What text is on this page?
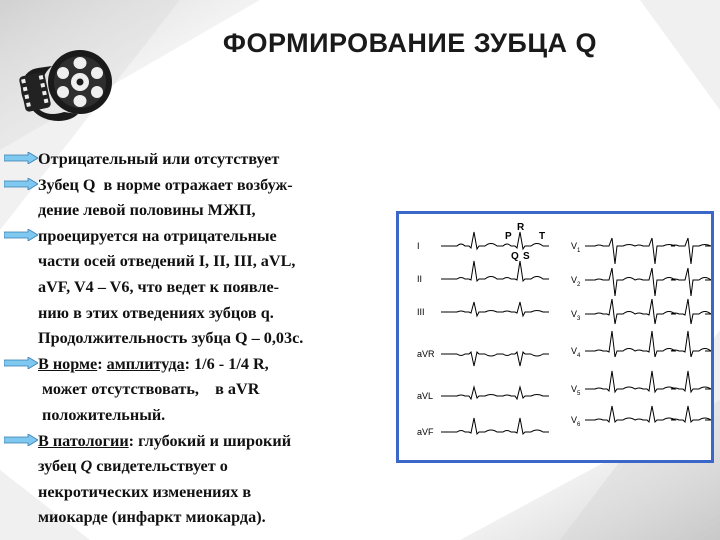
ФОРМИРОВАНИЕ ЗУБЦА Q
Отрицательный или отсутствует
Зубец Q  в норме отражает возбуж-
дение левой половины МЖП,
проецируется на отрицательные
части осей отведений I, II, III, aVL,
aVF, V4 – V6, что ведет к появле-
нию в этих отведениях зубцов q.
Продолжительность зубца Q – 0,03с.
В норме: амплитуда: 1/6 - 1/4 R,
может отсутствовать,    в aVR
положительный.
В патологии: глубокий и широкий
зубец Q свидетельствует о
некротических изменениях в
миокарде (инфаркт миокарда).
I
II
III
aVR
aVL
aVF
V 1
V 2
V 3
V 4
V 5
V 6
P
R
T
Q S
